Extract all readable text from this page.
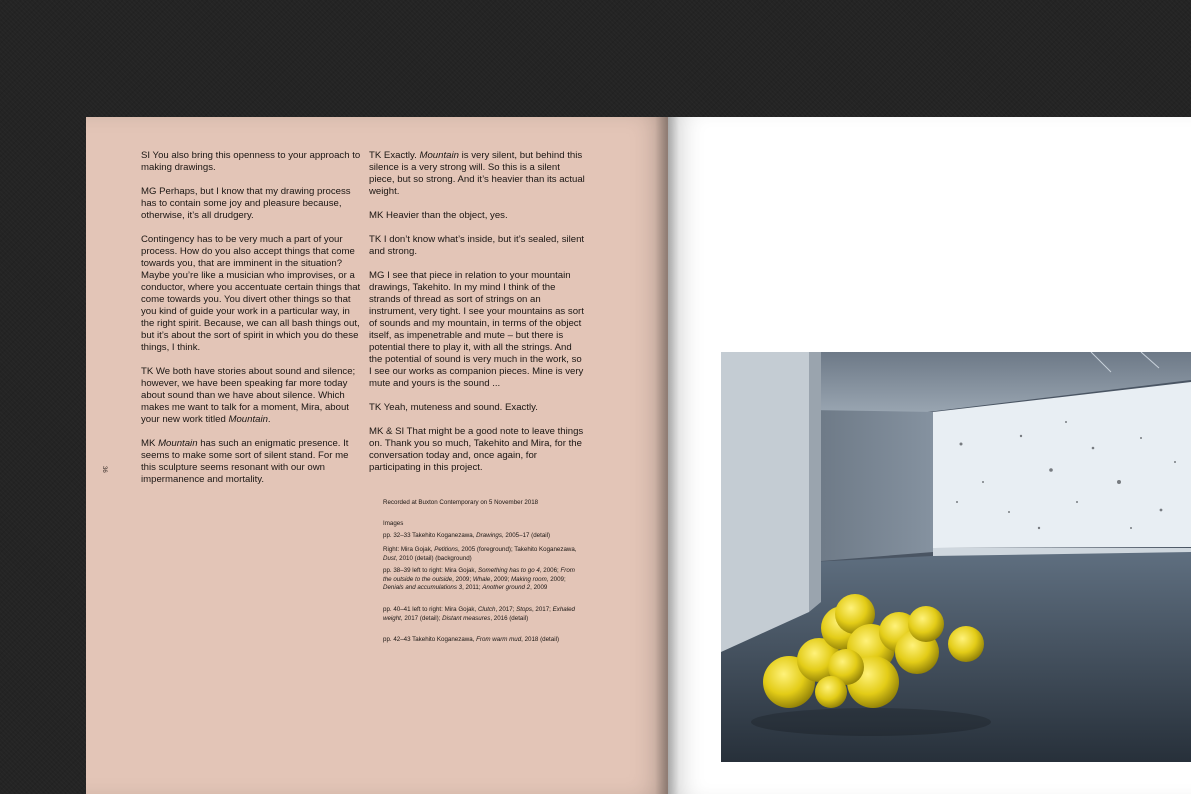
36

SI You also bring this openness to your approach to making drawings.

MG Perhaps, but I know that my drawing process has to contain some joy and pleasure because, otherwise, it’s all drudgery.

Contingency has to be very much a part of your process. How do you also accept things that come towards you, that are imminent in the situation? Maybe you’re like a musician who improvises, or a conductor, where you accentuate certain things that come towards you. You divert other things so that you kind of guide your work in a particular way, in the right spirit. Because, we can all bash things out, but it’s about the sort of spirit in which you do these things, I think.

TK We both have stories about sound and silence; however, we have been speaking far more today about sound than we have about silence. Which makes me want to talk for a moment, Mira, about your new work titled Mountain.

MK Mountain has such an enigmatic presence. It seems to make some sort of silent stand. For me this sculpture seems resonant with our own impermanence and mortality.

TK Exactly. Mountain is very silent, but behind this silence is a very strong will. So this is a silent piece, but so strong. And it’s heavier than its actual weight.

MK Heavier than the object, yes.

TK I don’t know what’s inside, but it’s sealed, silent and strong.

MG I see that piece in relation to your mountain drawings, Takehito. In my mind I think of the strands of thread as sort of strings on an instrument, very tight. I see your mountains as sort of sounds and my mountain, in terms of the object itself, as impenetrable and mute – but there is potential there to play it, with all the strings. And the potential of sound is very much in the work, so I see our works as companion pieces. Mine is very mute and yours is the sound ...

TK Yeah, muteness and sound. Exactly.

MK & SI That might be a good note to leave things on. Thank you so much, Takehito and Mira, for the conversation today and, once again, for participating in this project.

Recorded at Buxton Contemporary on 5 November 2018
Images
pp. 32–33 Takehito Koganezawa, Drawings, 2005–17 (detail)
Right: Mira Gojak, Petitions, 2005 (foreground); Takehito Koganezawa, Dust, 2010 (detail) (background)
pp. 38–39 left to right: Mira Gojak, Something has to go 4, 2006; From the outside to the outside, 2009; Whale, 2009; Making room, 2009; Denials and accumulations 3, 2011; Another ground 2, 2009
pp. 40–41 left to right: Mira Gojak, Clutch, 2017; Stops, 2017; Exhaled weight, 2017 (detail); Distant measures, 2016 (detail)
pp. 42–43 Takehito Koganezawa, From warm mud, 2018 (detail)
